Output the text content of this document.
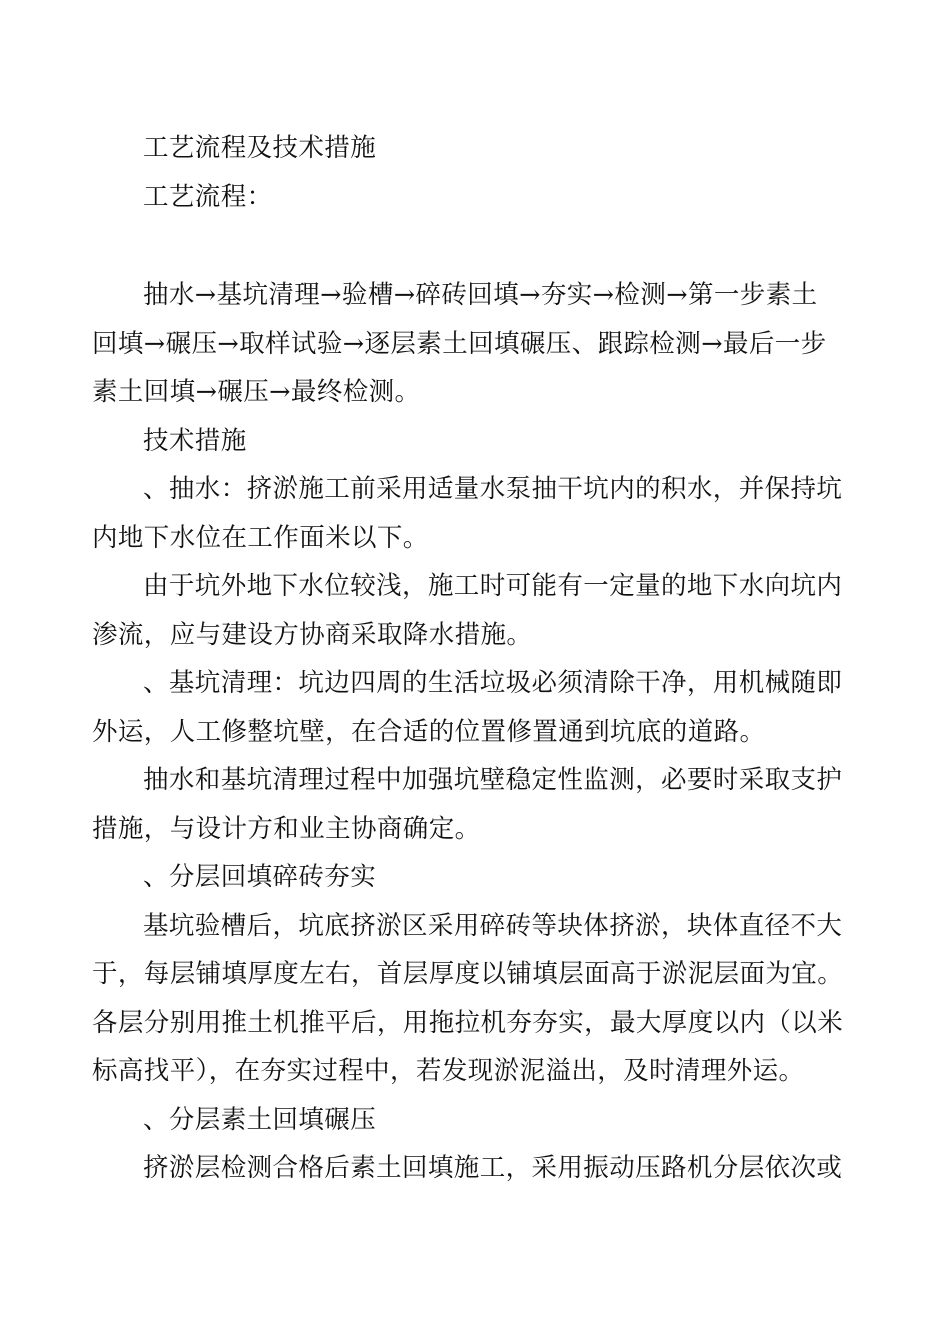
工艺流程及技术措施
工艺流程：
抽水→基坑清理→验槽→碎砖回填→夯实→检测→第一步素土
回填→碾压→取样试验→逐层素土回填碾压、跟踪检测→最后一步
素土回填→碾压→最终检测。
技术措施
、抽水：挤淤施工前采用适量水泵抽干坑内的积水，并保持坑
内地下水位在工作面米以下。
由于坑外地下水位较浅，施工时可能有一定量的地下水向坑内
渗流，应与建设方协商采取降水措施。
、基坑清理：坑边四周的生活垃圾必须清除干净，用机械随即
外运，人工修整坑壁，在合适的位置修置通到坑底的道路。
抽水和基坑清理过程中加强坑壁稳定性监测，必要时采取支护
措施，与设计方和业主协商确定。
、分层回填碎砖夯实
基坑验槽后，坑底挤淤区采用碎砖等块体挤淤，块体直径不大
于，每层铺填厚度左右，首层厚度以铺填层面高于淤泥层面为宜。
各层分别用推土机推平后，用拖拉机夯夯实，最大厚度以内（以米
标高找平），在夯实过程中，若发现淤泥溢出，及时清理外运。
、分层素土回填碾压
挤淤层检测合格后素土回填施工，采用振动压路机分层依次或
